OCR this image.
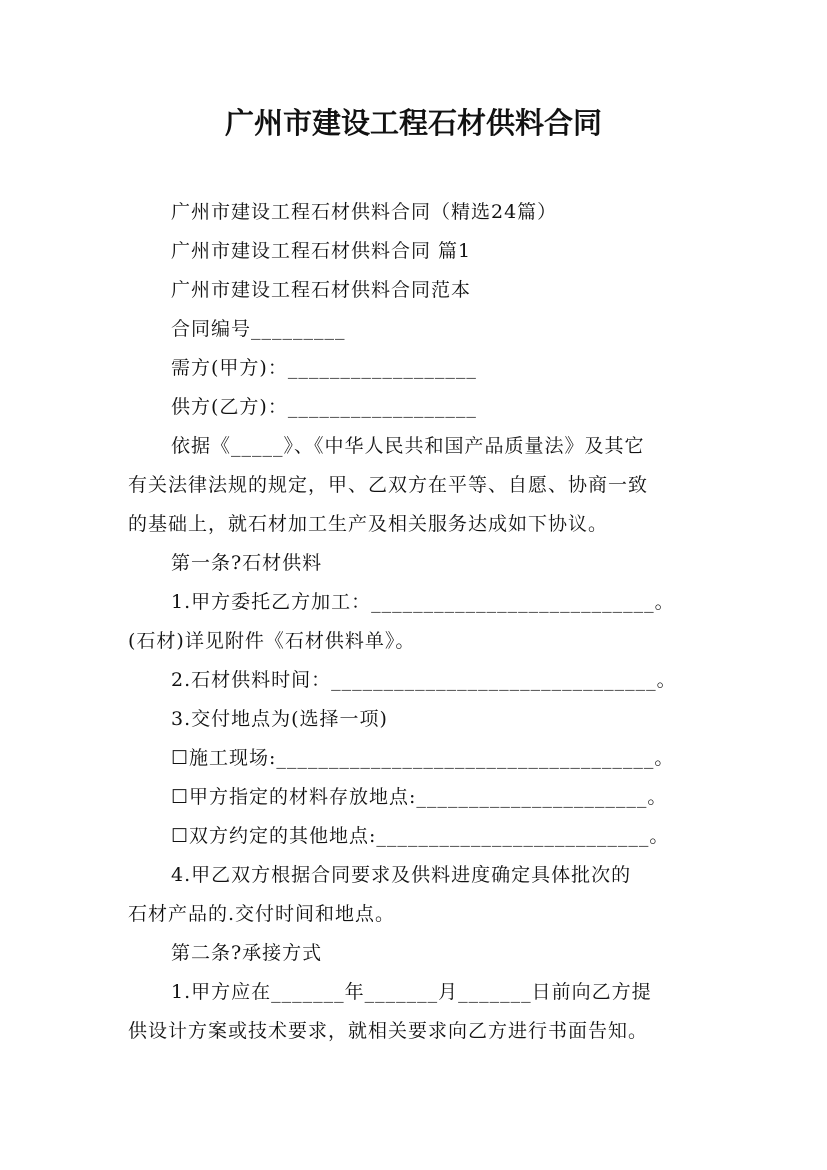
广州市建设工程石材供料合同
广州市建设工程石材供料合同（精选24篇）
广州市建设工程石材供料合同 篇1
广州市建设工程石材供料合同范本
合同编号_________
需方(甲方)：__________________
供方(乙方)：__________________
依据《_____》、《中华人民共和国产品质量法》及其它
有关法律法规的规定，甲、乙双方在平等、自愿、协商一致
的基础上，就石材加工生产及相关服务达成如下协议。
第一条?石材供料
1.甲方委托乙方加工：___________________________。
(石材)详见附件《石材供料单》。
2.石材供料时间：_______________________________。
3.交付地点为(选择一项)
☐施工现场:____________________________________。
☐甲方指定的材料存放地点:______________________。
☐双方约定的其他地点:__________________________。
4.甲乙双方根据合同要求及供料进度确定具体批次的
石材产品的.交付时间和地点。
第二条?承接方式
1.甲方应在_______年_______月_______日前向乙方提
供设计方案或技术要求，就相关要求向乙方进行书面告知。
